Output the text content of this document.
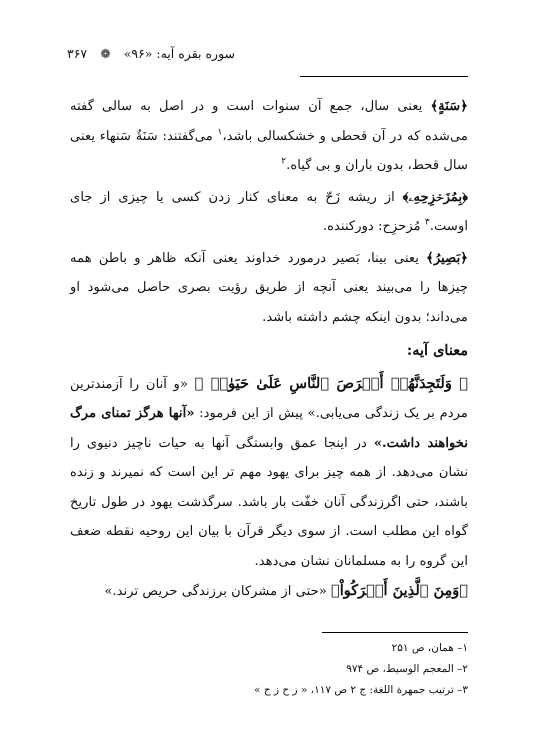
سوره بقره آیه: «۹۶»
❁
۳۶۷

﴿سَنَةٍ﴾ یعنی سال، جمع آن سنوات است و در اصل به سالی گفته می‌شده که در آن قحطی و خشکسالی باشد،$^۱$ می‌گفتند: سَنَةٌ سَنهاء یعنی سال قحط، بدون باران و بی گیاه.$^۲$

﴿بِمُزَحۡزِحِهِۦ﴾ از ریشه زَحّ به معنای کنار زدن کسی یا چیزی از جای اوست.$^۳$ مُزحزِح: دورکننده.

﴿بَصِيرُ﴾ یعنی بینا، بَصیر درمورد خداوند یعنی آنکه ظاهر و باطن همه چیزها را می‌بیند یعنی آنچه از طریق رؤیت بصری حاصل می‌شود او می‌داند؛ بدون اینکه چشم داشته باشد.

معنای آیه:

﴿ وَلَتَجِدَنَّهُمۡ أَحۡرَصَ ٱلنَّاسِ عَلَىٰ حَيَوٰةٖ ﴾ «و آنان را آزمندترین مردم بر یک زندگی می‌یابی.» پیش از این فرمود: «آنها هرگز تمنای مرگ نخواهند داشت.» در اینجا عمق وابستگی آنها به حیات ناچیز دنیوی را نشان می‌دهد. از همه چیز برای یهود مهم تر این است که نمیرند و زنده باشند، حتی اگرزندگی آنان خفّت بار باشد. سرگذشت یهود در طول تاریخ گواه این مطلب است. از سوی دیگر قرآن با بیان این روحیه نقطه ضعف این گروه را به مسلمانان نشان می‌دهد.

﴿وَمِنَ ٱلَّذِينَ أَشۡرَكُواْ﴾ «حتی از مشرکان برزندگی حریص ترند.»

۱– همان، ص ۲۵۱
۲– المعجم الوسیط، ص ۹۷۴
۳– ترتیب جمهرة اللغة: ج ۲ ص ۱۱۷، « ز ح ز ح »
